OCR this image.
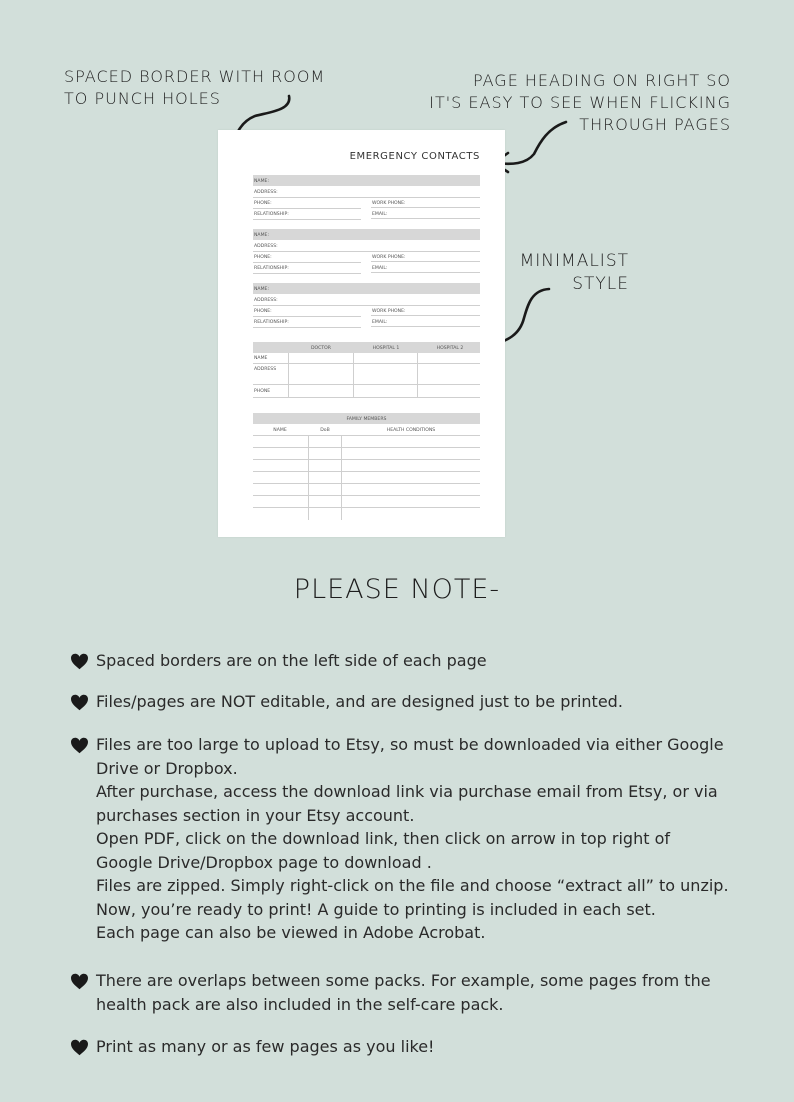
SPACED BORDER WITH ROOM
TO PUNCH HOLES
PAGE HEADING ON RIGHT SO
IT'S EASY TO SEE WHEN FLICKING
THROUGH PAGES
MINIMALIST
STYLE
EMERGENCY CONTACTS
NAME:
ADDRESS:
PHONE:	WORK PHONE:
RELATIONSHIP:	EMAIL:
NAME:
ADDRESS:
PHONE:	WORK PHONE:
RELATIONSHIP:	EMAIL:
NAME:
ADDRESS:
PHONE:	WORK PHONE:
RELATIONSHIP:	EMAIL:
DOCTOR	HOSPITAL 1	HOSPITAL 2
NAME
ADDRESS
PHONE
FAMILY MEMBERS
NAME	DoB	HEALTH CONDITIONS
PLEASE NOTE-
Spaced borders are on the left side of each page
Files/pages are NOT editable, and are designed just to be printed.
Files are too large to upload to Etsy, so must be downloaded via either Google
Drive or Dropbox.
After purchase, access the download link via purchase email from Etsy, or via
purchases section in your Etsy account.
Open PDF, click on the download link, then click on arrow in top right of
Google Drive/Dropbox page to download .
Files are zipped. Simply right-click on the file and choose “extract all” to unzip.
Now, you’re ready to print! A guide to printing is included in each set.
Each page can also be viewed in Adobe Acrobat.
There are overlaps between some packs. For example, some pages from the
health pack are also included in the self-care pack.
Print as many or as few pages as you like!
